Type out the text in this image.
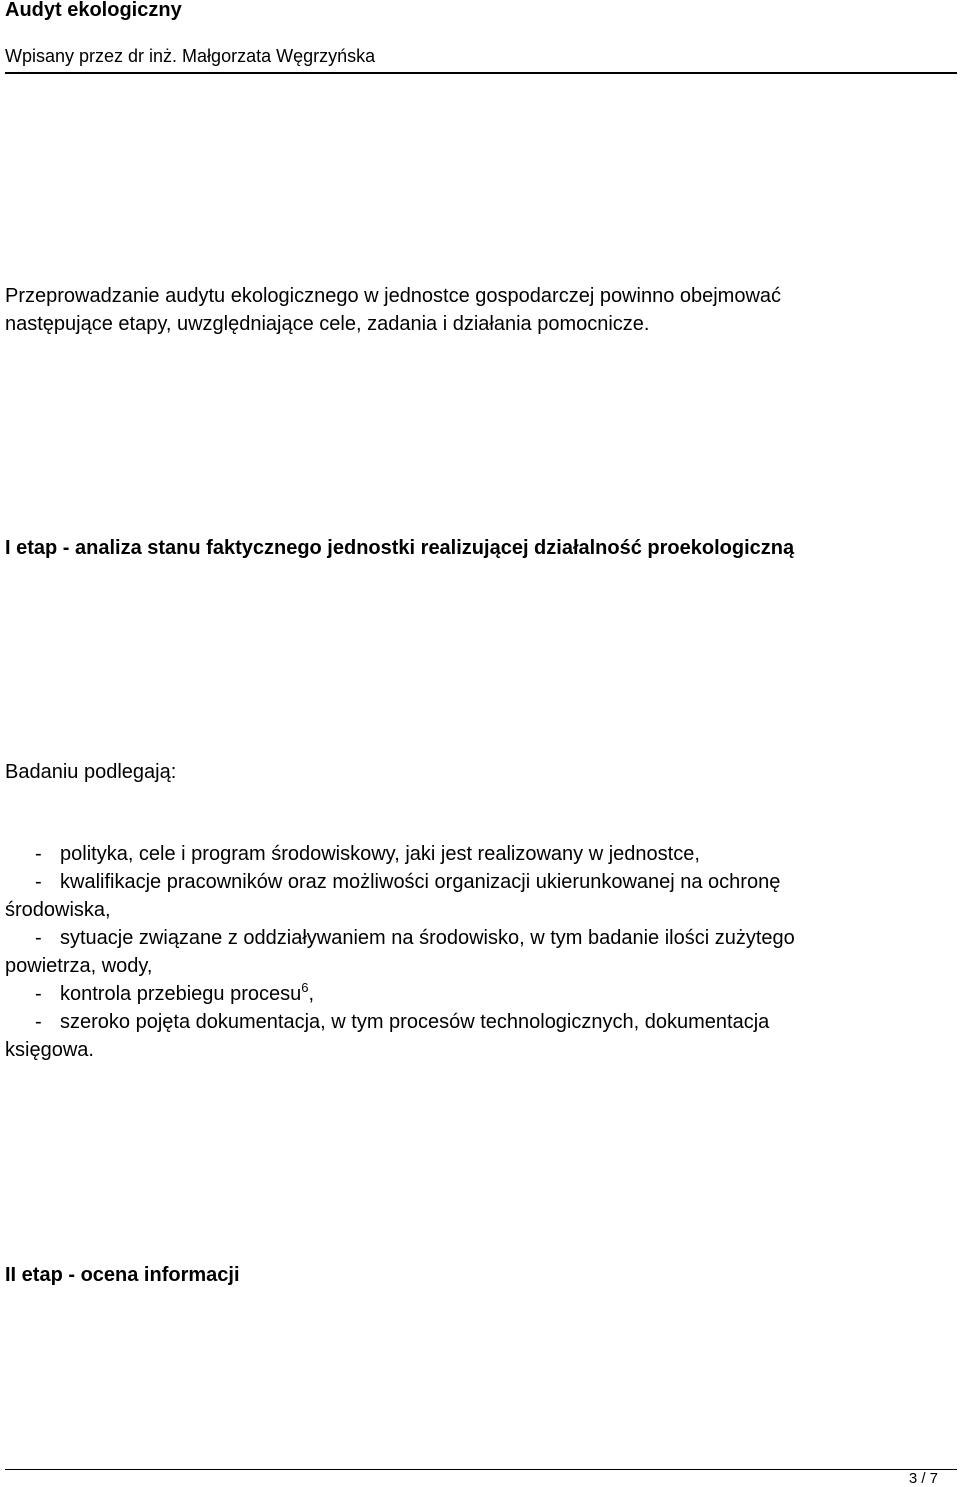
Audyt ekologiczny
Wpisany przez dr inż. Małgorzata Węgrzyńska
Przeprowadzanie audytu ekologicznego w jednostce gospodarczej powinno obejmować
następujące etapy, uwzględniające cele, zadania i działania pomocnicze.
I etap - analiza stanu faktycznego jednostki realizującej działalność proekologiczną
Badaniu podlegają:
- polityka, cele i program środowiskowy, jaki jest realizowany w jednostce,
- kwalifikacje pracowników oraz możliwości organizacji ukierunkowanej na ochronę
środowiska,
- sytuacje związane z oddziaływaniem na środowisko, w tym badanie ilości zużytego
powietrza, wody,
- kontrola przebiegu procesu$^6$,
- szeroko pojęta dokumentacja, w tym procesów technologicznych, dokumentacja
księgowa.
II etap - ocena informacji
3 / 7
